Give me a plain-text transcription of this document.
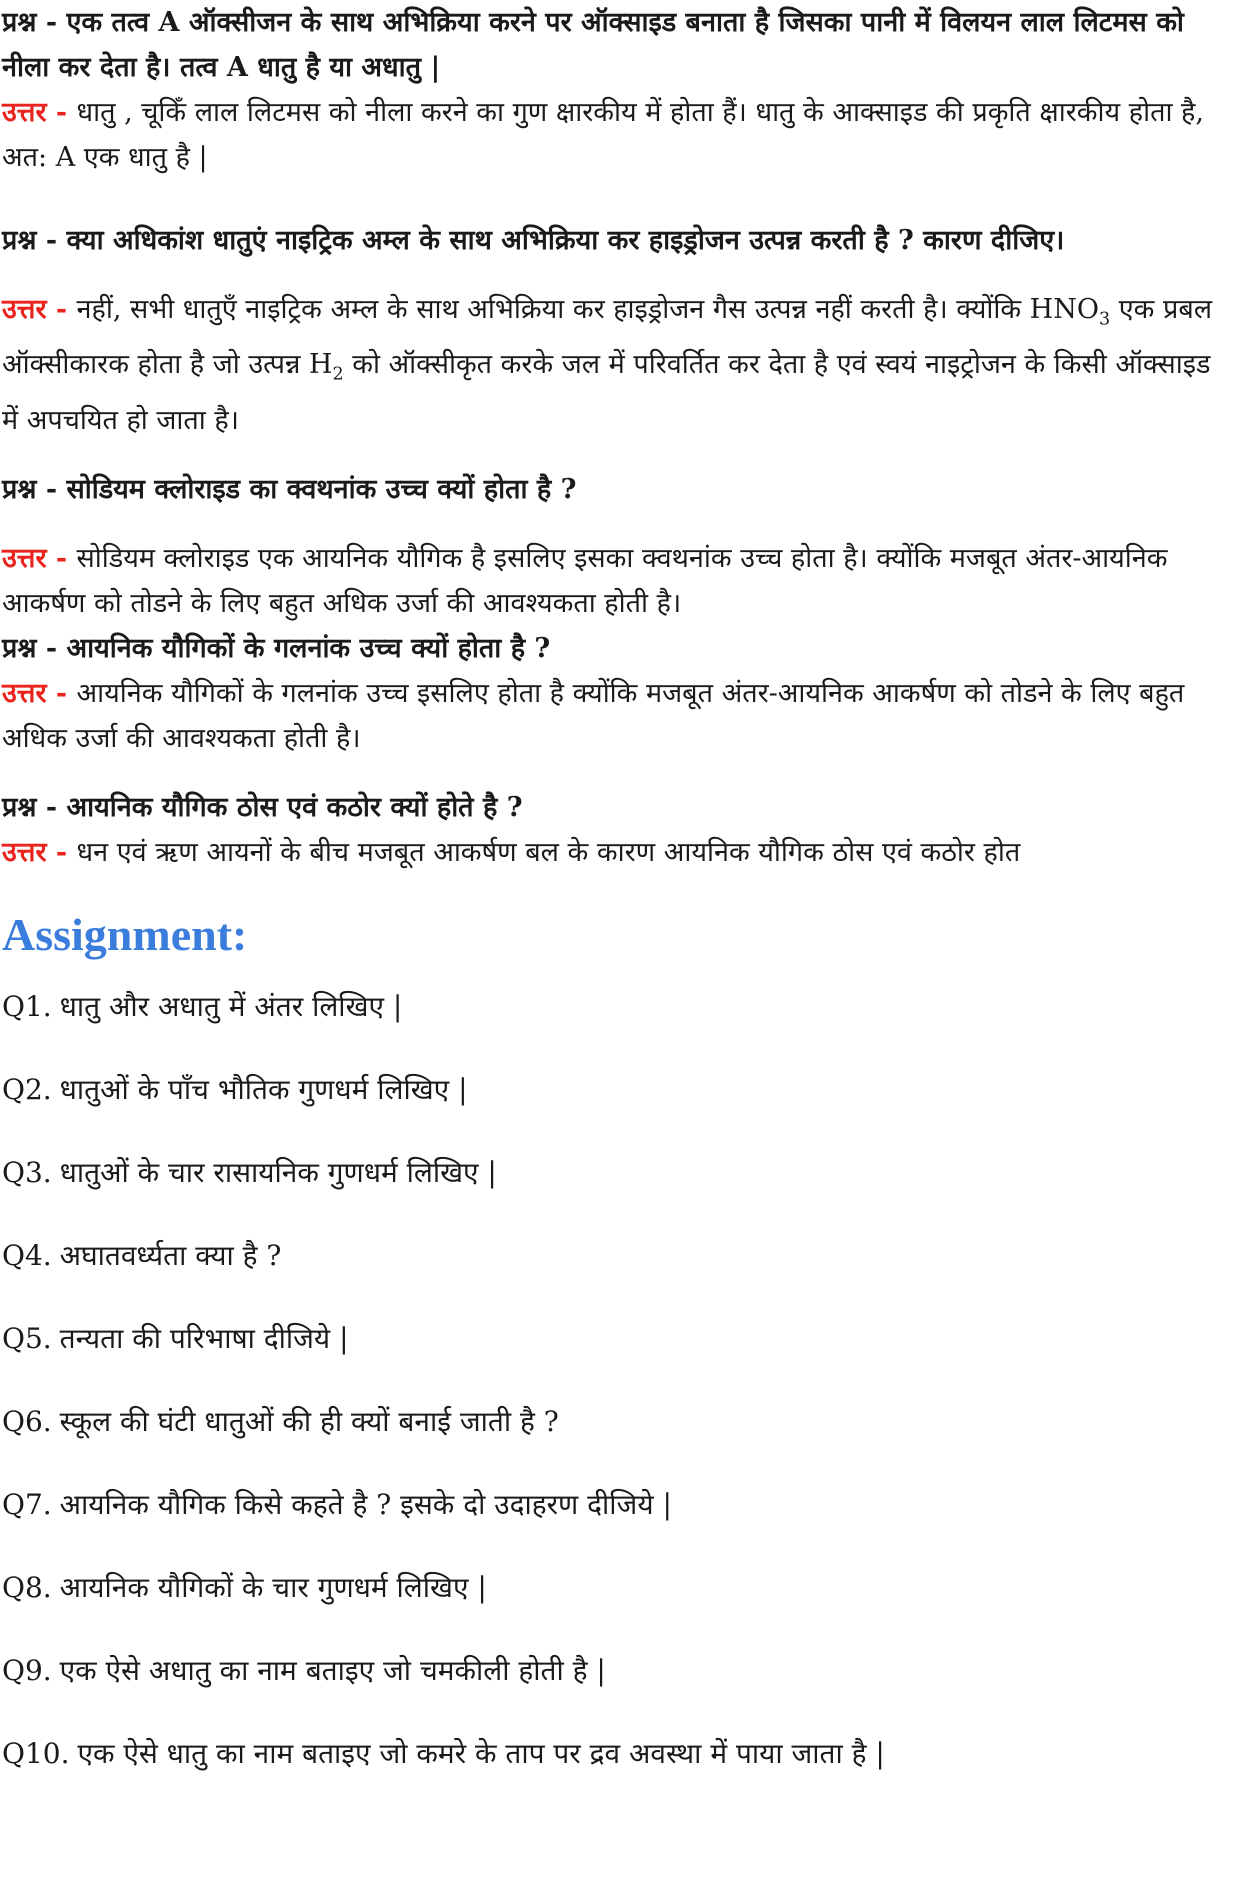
प्रश्न - एक तत्व A ऑक्सीजन के साथ अभिक्रिया करने पर ऑक्साइड बनाता है जिसका पानी में विलयन लाल लिटमस को नीला कर देता है। तत्व A धातु है या अधातु |
उत्तर - धातु , चूकिँ लाल लिटमस को नीला करने का गुण क्षारकीय में होता हैं। धातु के आक्साइड की प्रकृति क्षारकीय होता है, अत: A एक धातु है |
प्रश्न - क्या अधिकांश धातुएं नाइट्रिक अम्ल के साथ अभिक्रिया कर हाइड्रोजन उत्पन्न करती है ? कारण दीजिए।
उत्तर - नहीं, सभी धातुएँ नाइट्रिक अम्ल के साथ अभिक्रिया कर हाइड्रोजन गैस उत्पन्न नहीं करती है। क्योंकि $HNO_3$ एक प्रबल ऑक्सीकारक होता है जो उत्पन्न $H_2$ को ऑक्सीकृत करके जल में परिवर्तित कर देता है एवं स्वयं नाइट्रोजन के किसी ऑक्साइड में अपचयित हो जाता है।
प्रश्न - सोडियम क्लोराइड का क्वथनांक उच्च क्यों होता है ?
उत्तर - सोडियम क्लोराइड एक आयनिक यौगिक है इसलिए इसका क्वथनांक उच्च होता है। क्योंकि मजबूत अंतर-आयनिक आकर्षण को तोडने के लिए बहुत अधिक उर्जा की आवश्यकता होती है।
प्रश्न - आयनिक यौगिकों के गलनांक उच्च क्यों होता है ?
उत्तर - आयनिक यौगिकों के गलनांक उच्च इसलिए होता है क्योंकि मजबूत अंतर-आयनिक आकर्षण को तोडने के लिए बहुत अधिक उर्जा की आवश्यकता होती है।
प्रश्न - आयनिक यौगिक ठोस एवं कठोर क्यों होते है ?
उत्तर - धन एवं ऋण आयनों के बीच मजबूत आकर्षण बल के कारण आयनिक यौगिक ठोस एवं कठोर होत
Assignment:
Q1. धातु और अधातु में अंतर लिखिए |
Q2. धातुओं के पाँच भौतिक गुणधर्म लिखिए |
Q3. धातुओं के चार रासायनिक गुणधर्म लिखिए |
Q4. अघातवर्ध्यता क्या है ?
Q5. तन्यता की परिभाषा दीजिये |
Q6. स्कूल की घंटी धातुओं की ही क्यों बनाई जाती है ?
Q7. आयनिक यौगिक किसे कहते है ? इसके दो उदाहरण दीजिये |
Q8. आयनिक यौगिकों के चार गुणधर्म लिखिए |
Q9. एक ऐसे अधातु का नाम बताइए जो चमकीली होती है |
Q10. एक ऐसे धातु का नाम बताइए जो कमरे के ताप पर द्रव अवस्था में पाया जाता है |
